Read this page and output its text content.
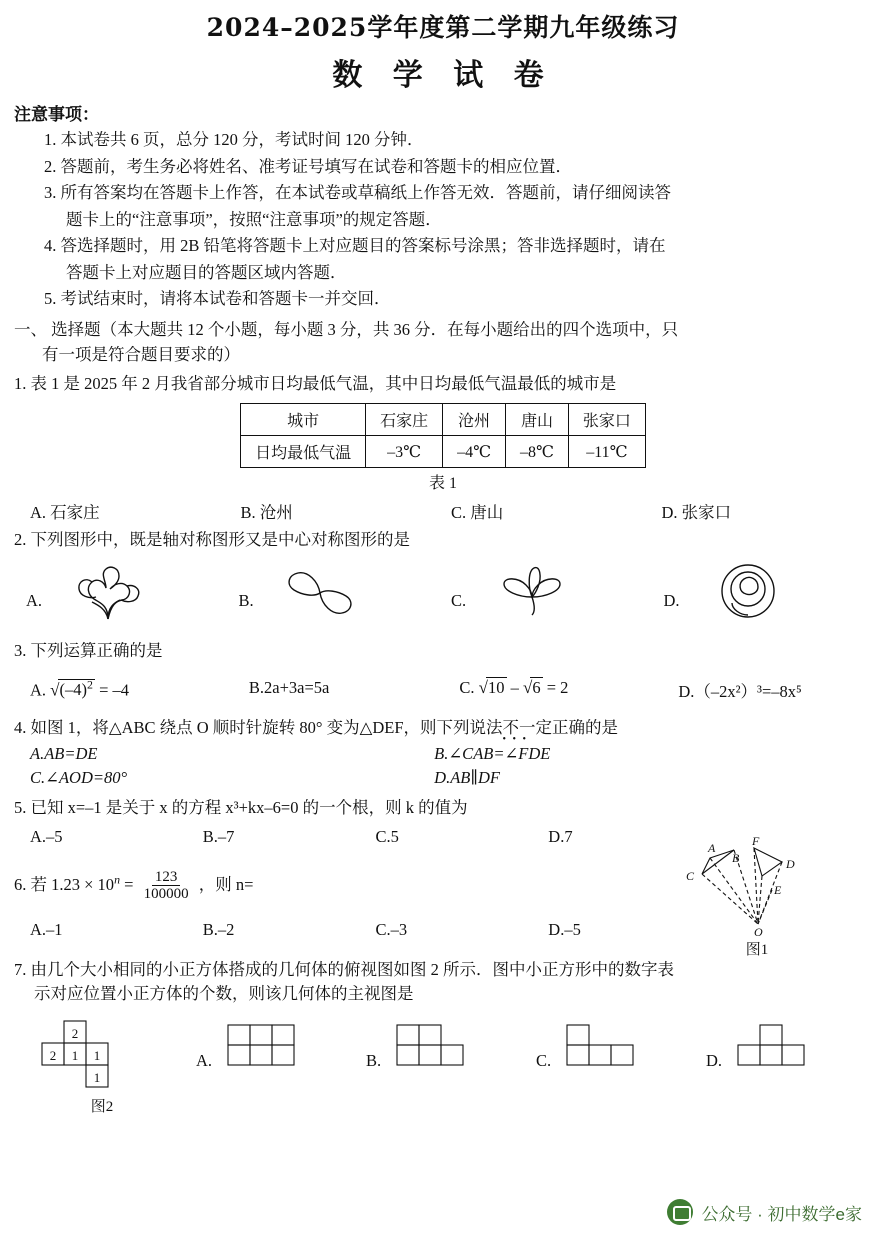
2024–2025学年度第二学期九年级练习
数 学 试 卷
注意事项：
1. 本试卷共 6 页，总分 120 分，考试时间 120 分钟．
2. 答题前，考生务必将姓名、准考证号填写在试卷和答题卡的相应位置．
3. 所有答案均在答题卡上作答，在本试卷或草稿纸上作答无效．答题前，请仔细阅读答
题卡上的“注意事项”，按照“注意事项”的规定答题．
4. 答选择题时，用 2B 铅笔将答题卡上对应题目的答案标号涂黑；答非选择题时，请在
答题卡上对应题目的答题区域内答题．
5. 考试结束时，请将本试卷和答题卡一并交回．
一、 选择题（本大题共 12 个小题，每小题 3 分，共 36 分．在每小题给出的四个选项中，只
有一项是符合题目要求的）
1. 表 1 是 2025 年 2 月我省部分城市日均最低气温，其中日均最低气温最低的城市是
城市	石家庄	沧州	唐山	张家口
日均最低气温	–3℃	–4℃	–8℃	–11℃
表 1
A. 石家庄	B. 沧州	C. 唐山	D. 张家口
2. 下列图形中，既是轴对称图形又是中心对称图形的是
A.	B.	C.	D.
3. 下列运算正确的是
A. $√(-4)^2 = -4$	B.2a+3a=5a	C. √10 – √6 = 2	D.（–2x²）³=–8x⁵
4. 如图 1，将△ABC 绕点 O 顺时针旋转 80° 变为△DEF，则下列说法不一定
• • •
正确的是
A.AB=DE	B.∠CAB=∠FDE
C.∠AOD=80°	D.AB∥DF
A
B
C
D
E
F
O
图1
5. 已知 x=–1 是关于 x 的方程 x³+kx–6=0 的一个根，则 k 的值为
A.–5	B.–7	C.5	D.7
6. 若 $1.23 \times 10^n = \frac{123}{100000}$ ，则 n=
A.–1	B.–2	C.–3	D.–5
7. 由几个大小相同的小正方体搭成的几何体的俯视图如图 2 所示．图中小正方形中的数字表
示对应位置小正方体的个数，则该几何体的主视图是
2
2 1 1
1
图2
A.	B.	C.	D.
公众号 · 初中数学e家
